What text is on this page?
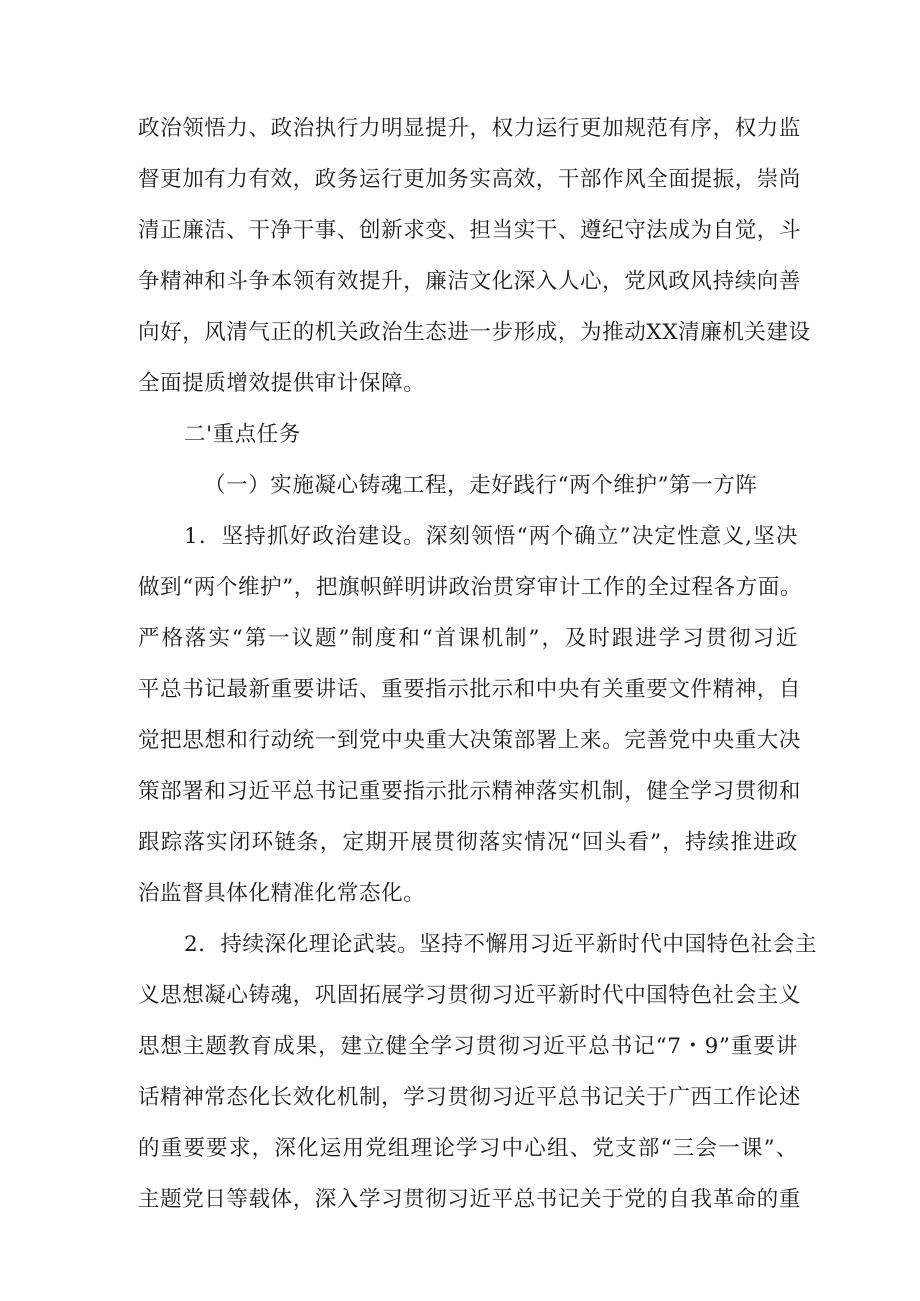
政治领悟力、政治执行力明显提升，权力运行更加规范有序，权力监
督更加有力有效，政务运行更加务实高效，干部作风全面提振，崇尚
清正廉洁、干净干事、创新求变、担当实干、遵纪守法成为自觉，斗
争精神和斗争本领有效提升，廉洁文化深入人心，党风政风持续向善
向好，风清气正的机关政治生态进一步形成，为推动XX清廉机关建设
全面提质增效提供审计保障。
二'重点任务
（一）实施凝心铸魂工程，走好践行“两个维护”第一方阵
1．坚持抓好政治建设。深刻领悟“两个确立”决定性意义,坚决
做到“两个维护”，把旗帜鲜明讲政治贯穿审计工作的全过程各方面。
严格落实“第一议题”制度和“首课机制”，及时跟进学习贯彻习近
平总书记最新重要讲话、重要指示批示和中央有关重要文件精神，自
觉把思想和行动统一到党中央重大决策部署上来。完善党中央重大决
策部署和习近平总书记重要指示批示精神落实机制，健全学习贯彻和
跟踪落实闭环链条，定期开展贯彻落实情况“回头看”，持续推进政
治监督具体化精准化常态化。
2．持续深化理论武装。坚持不懈用习近平新时代中国特色社会主
义思想凝心铸魂，巩固拓展学习贯彻习近平新时代中国特色社会主义
思想主题教育成果，建立健全学习贯彻习近平总书记“7・9”重要讲
话精神常态化长效化机制，学习贯彻习近平总书记关于广西工作论述
的重要要求，深化运用党组理论学习中心组、党支部“三会一课”、
主题党日等载体，深入学习贯彻习近平总书记关于党的自我革命的重
